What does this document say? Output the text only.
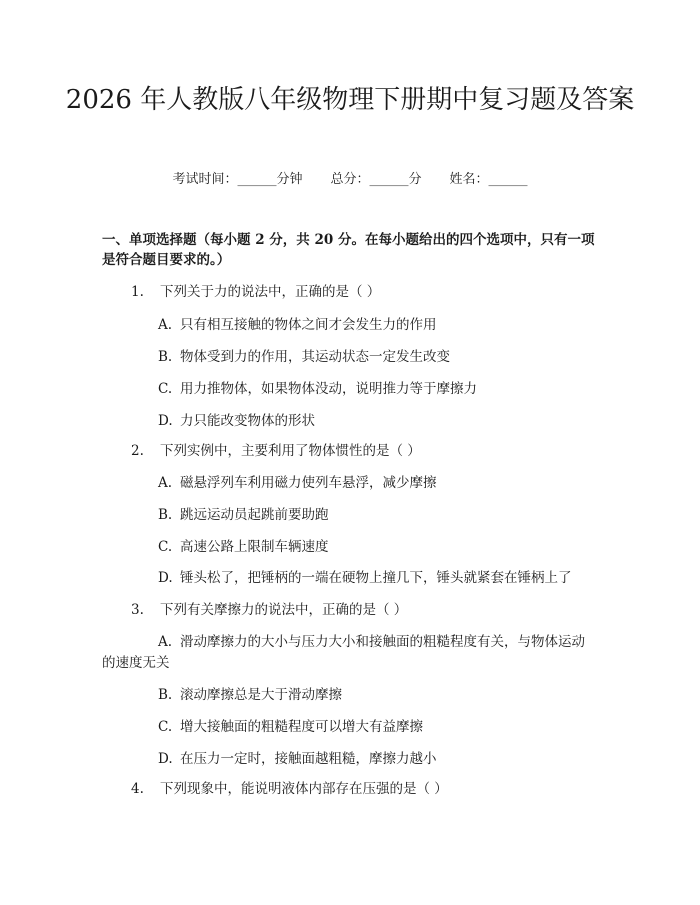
2026 年人教版八年级物理下册期中复习题及答案
考试时间：______分钟 总分：______分 姓名：______

一、单项选择题（每小题 2 分，共 20 分。在每小题给出的四个选项中，只有一项是符合题目要求的。）

1. 下列关于力的说法中，正确的是（ ）
A. 只有相互接触的物体之间才会发生力的作用
B. 物体受到力的作用，其运动状态一定发生改变
C. 用力推物体，如果物体没动，说明推力等于摩擦力
D. 力只能改变物体的形状
2. 下列实例中，主要利用了物体惯性的是（ ）
A. 磁悬浮列车利用磁力使列车悬浮，减少摩擦
B. 跳远运动员起跳前要助跑
C. 高速公路上限制车辆速度
D. 锤头松了，把锤柄的一端在硬物上撞几下，锤头就紧套在锤柄上了
3. 下列有关摩擦力的说法中，正确的是（ ）
A. 滑动摩擦力的大小与压力大小和接触面的粗糙程度有关，与物体运动
的速度无关
B. 滚动摩擦总是大于滑动摩擦
C. 增大接触面的粗糙程度可以增大有益摩擦
D. 在压力一定时，接触面越粗糙，摩擦力越小
4. 下列现象中，能说明液体内部存在压强的是（ ）
